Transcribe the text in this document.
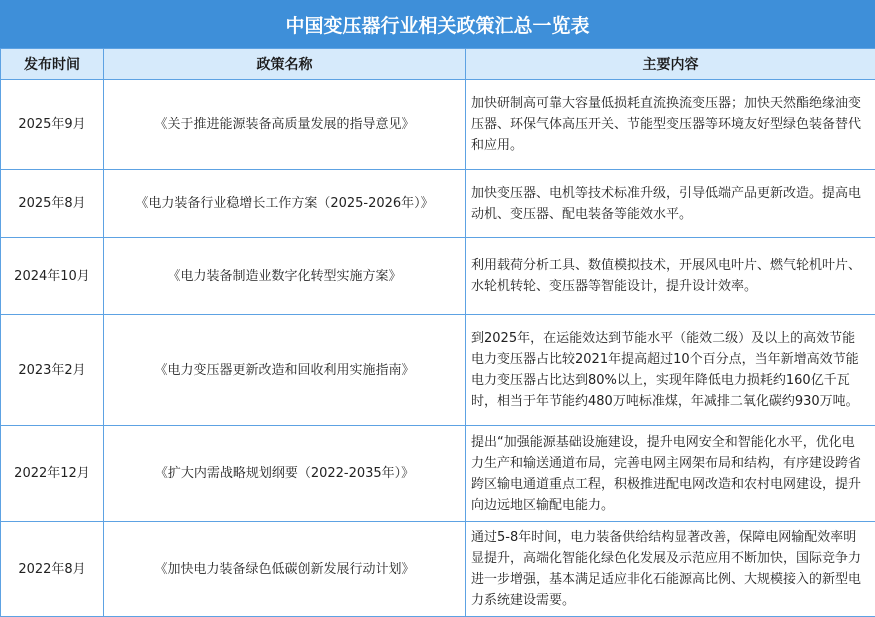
中国变压器行业相关政策汇总一览表
发布时间	政策名称	主要内容
2025年9月	《关于推进能源装备高质量发展的指导意见》	加快研制高可靠大容量低损耗直流换流变压器；加快天然酯绝缘油变压器、环保气体高压开关、节能型变压器等环境友好型绿色装备替代和应用。
2025年8月	《电力装备行业稳增长工作方案（2025-2026年）》	加快变压器、电机等技术标准升级，引导低端产品更新改造。提高电动机、变压器、配电装备等能效水平。
2024年10月	《电力装备制造业数字化转型实施方案》	利用载荷分析工具、数值模拟技术，开展风电叶片、燃气轮机叶片、水轮机转轮、变压器等智能设计，提升设计效率。
2023年2月	《电力变压器更新改造和回收利用实施指南》	到2025年，在运能效达到节能水平（能效二级）及以上的高效节能电力变压器占比较2021年提高超过10个百分点，当年新增高效节能电力变压器占比达到80%以上，实现年降低电力损耗约160亿千瓦时，相当于年节能约480万吨标准煤，年减排二氧化碳约930万吨。
2022年12月	《扩大内需战略规划纲要（2022-2035年）》	提出“加强能源基础设施建设，提升电网安全和智能化水平，优化电力生产和输送通道布局，完善电网主网架布局和结构，有序建设跨省跨区输电通道重点工程，积极推进配电网改造和农村电网建设，提升向边远地区输配电能力。
2022年8月	《加快电力装备绿色低碳创新发展行动计划》	通过5-8年时间，电力装备供给结构显著改善，保障电网输配效率明显提升，高端化智能化绿色化发展及示范应用不断加快，国际竞争力进一步增强，基本满足适应非化石能源高比例、大规模接入的新型电力系统建设需要。
